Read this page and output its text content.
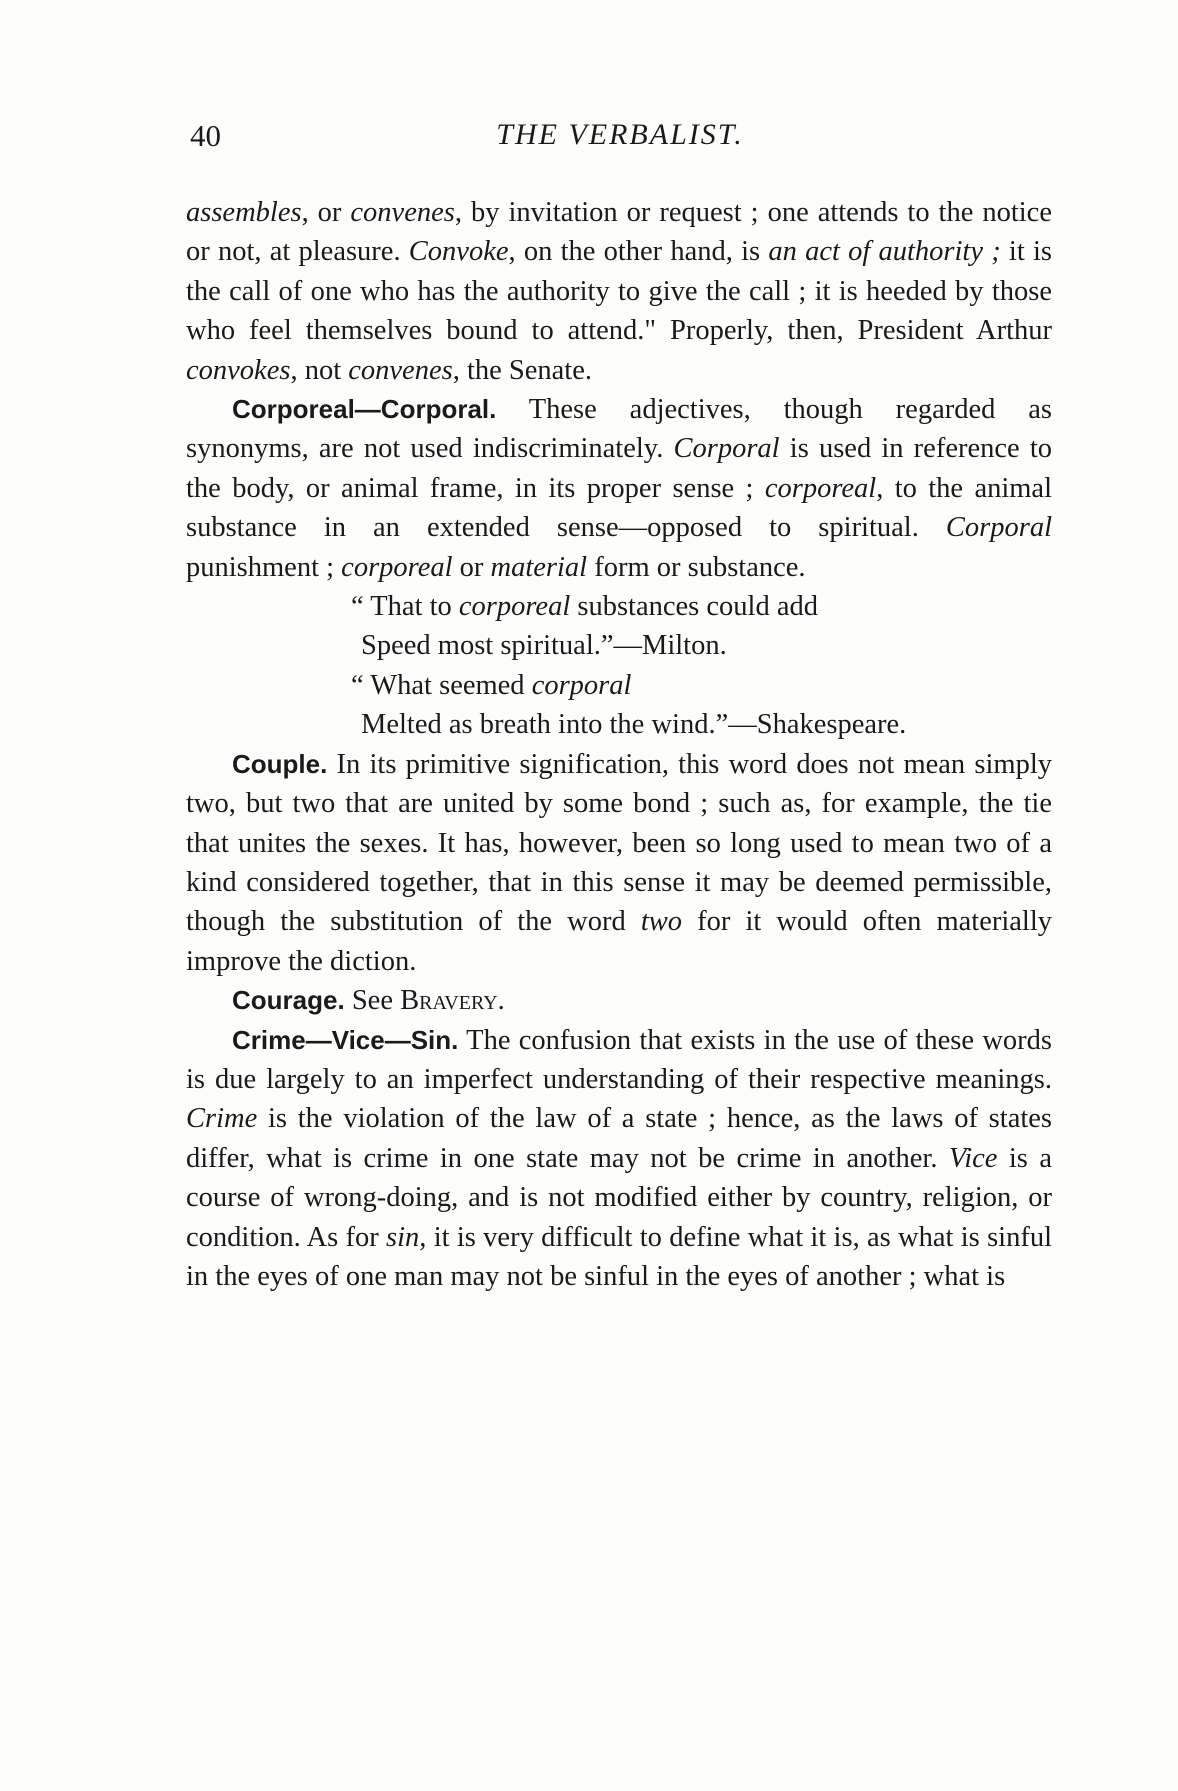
40	THE VERBALIST.

assembles, or convenes, by invitation or request ; one attends to the notice or not, at pleasure. Convoke, on the other hand, is an act of authority ; it is the call of one who has the authority to give the call ; it is heeded by those who feel themselves bound to attend." Properly, then, President Arthur convokes, not convenes, the Senate.

Corporeal—Corporal. These adjectives, though regarded as synonyms, are not used indiscriminately. Corporal is used in reference to the body, or animal frame, in its proper sense ; corporeal, to the animal substance in an extended sense—opposed to spiritual. Corporal punishment ; corporeal or material form or substance.

“ That to corporeal substances could add
Speed most spiritual.”—Milton.
“ What seemed corporal
Melted as breath into the wind.”—Shakespeare.

Couple. In its primitive signification, this word does not mean simply two, but two that are united by some bond ; such as, for example, the tie that unites the sexes. It has, however, been so long used to mean two of a kind considered together, that in this sense it may be deemed permissible, though the substitution of the word two for it would often materially improve the diction.

Courage. See Bravery.

Crime—Vice—Sin. The confusion that exists in the use of these words is due largely to an imperfect understanding of their respective meanings. Crime is the violation of the law of a state ; hence, as the laws of states differ, what is crime in one state may not be crime in another. Vice is a course of wrong-doing, and is not modified either by country, religion, or condition. As for sin, it is very difficult to define what it is, as what is sinful in the eyes of one man may not be sinful in the eyes of another ; what is
